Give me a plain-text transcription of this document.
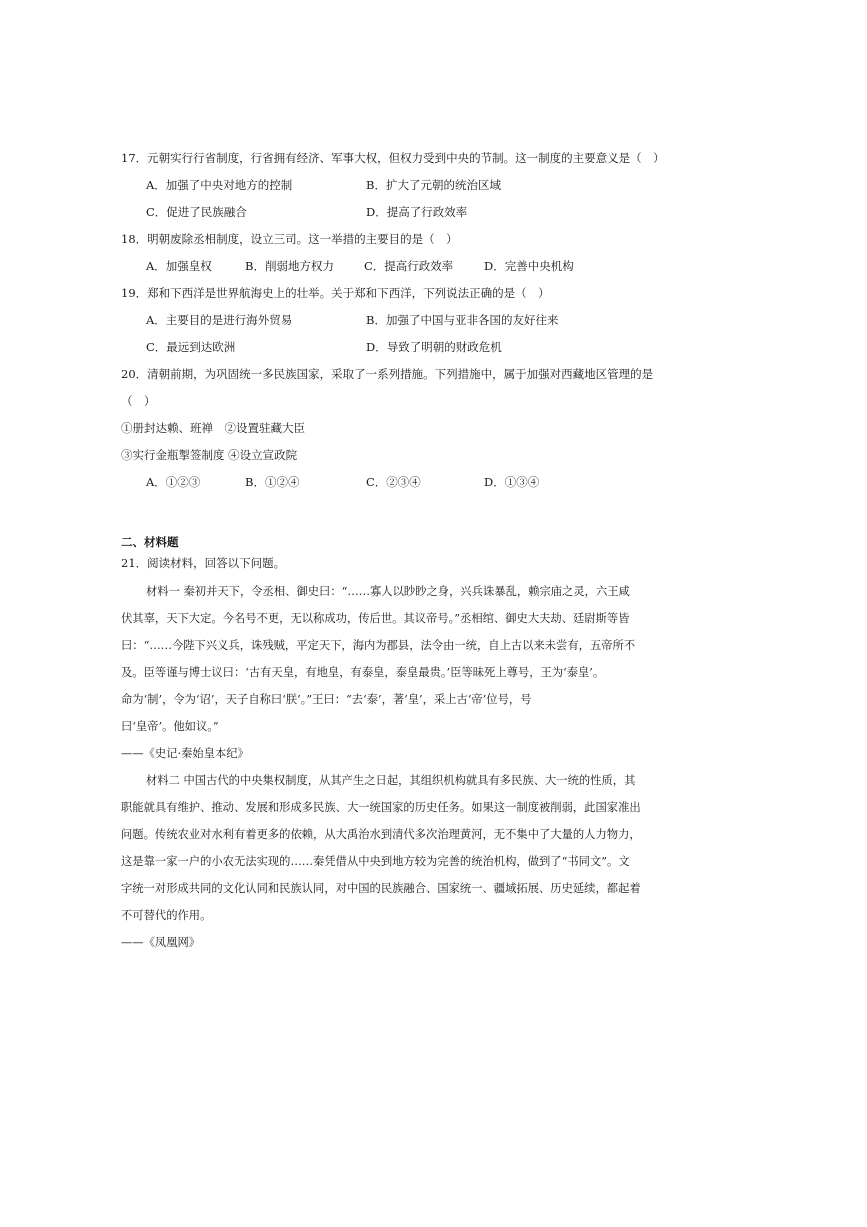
17．元朝实行行省制度，行省拥有经济、军事大权，但权力受到中央的节制。这一制度的主要意义是（　）
A．加强了中央对地方的控制	B．扩大了元朝的统治区域
C．促进了民族融合	D．提高了行政效率
18．明朝废除丞相制度，设立三司。这一举措的主要目的是（　）
A．加强皇权	B．削弱地方权力	C．提高行政效率	D．完善中央机构
19．郑和下西洋是世界航海史上的壮举。关于郑和下西洋，下列说法正确的是（　）
A．主要目的是进行海外贸易	B．加强了中国与亚非各国的友好往来
C．最远到达欧洲	D．导致了明朝的财政危机
20．清朝前期，为巩固统一多民族国家，采取了一系列措施。下列措施中，属于加强对西藏地区管理的是
（　）
①册封达赖、班禅　②设置驻藏大臣
③实行金瓶掣签制度 ④设立宣政院
A．①②③	B．①②④	C．②③④	D．①③④
二、材料题
21．阅读材料，回答以下问题。
材料一 秦初并天下，令丞相、御史曰：“……寡人以眇眇之身，兴兵诛暴乱，赖宗庙之灵，六王咸
伏其辜，天下大定。今名号不更，无以称成功，传后世。其议帝号。”丞相绾、御史大夫劫、廷尉斯等皆
曰：“……今陛下兴义兵，诛残贼，平定天下，海内为郡县，法令由一统，自上古以来未尝有，五帝所不
及。臣等谨与博士议曰：‘古有天皇，有地皇，有泰皇，泰皇最贵。’臣等昧死上尊号，王为‘泰皇’。
命为‘制’，令为‘诏’，天子自称曰‘朕’。”王曰：“去‘泰’，著‘皇’，采上古‘帝’位号，号
曰‘皇帝’。他如议。”
——《史记·秦始皇本纪》
材料二 中国古代的中央集权制度，从其产生之日起，其组织机构就具有多民族、大一统的性质，其
职能就具有维护、推动、发展和形成多民族、大一统国家的历史任务。如果这一制度被削弱，此国家准出
问题。传统农业对水利有着更多的依赖，从大禹治水到清代多次治理黄河，无不集中了大量的人力物力，
这是靠一家一户的小农无法实现的……秦凭借从中央到地方较为完善的统治机构，做到了“书同文”。文
字统一对形成共同的文化认同和民族认同，对中国的民族融合、国家统一、疆域拓展、历史延续，都起着
不可替代的作用。
——《凤凰网》
